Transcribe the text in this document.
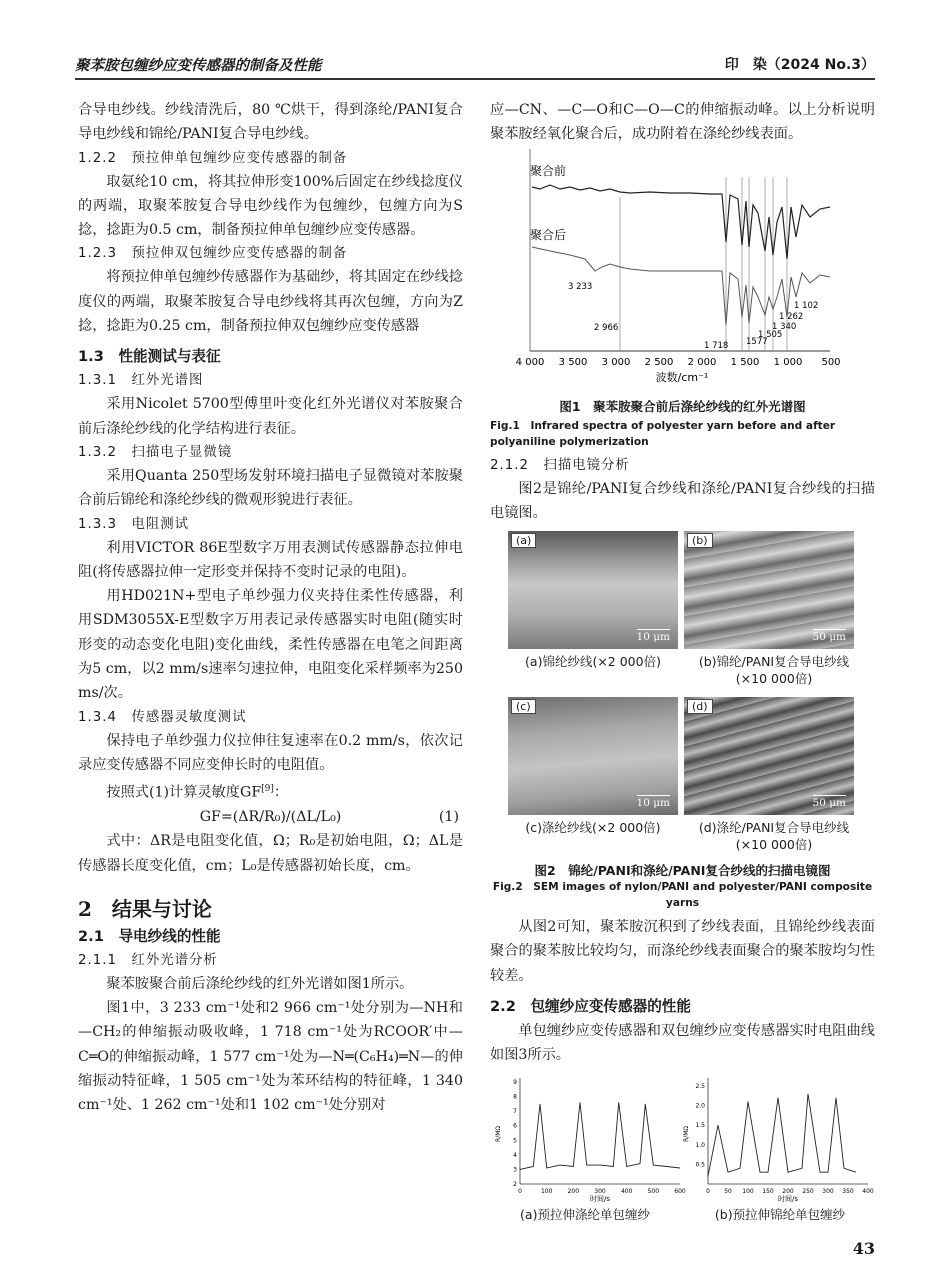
聚苯胺包缠纱应变传感器的制备及性能	印　染（2024 No.3）

合导电纱线。纱线清洗后，80 ℃烘干，得到涤纶/PANI复合导电纱线和锦纶/PANI复合导电纱线。

1.2.2　预拉伸单包缠纱应变传感器的制备

取氨纶10 cm，将其拉伸形变100%后固定在纱线捻度仪的两端，取聚苯胺复合导电纱线作为包缠纱，包缠方向为S捻，捻距为0.5 cm，制备预拉伸单包缠纱应变传感器。

1.2.3　预拉伸双包缠纱应变传感器的制备

将预拉伸单包缠纱传感器作为基础纱，将其固定在纱线捻度仪的两端，取聚苯胺复合导电纱线将其再次包缠，方向为Z捻，捻距为0.25 cm，制备预拉伸双包缠纱应变传感器

1.3　性能测试与表征
1.3.1　红外光谱图

采用Nicolet 5700型傅里叶变化红外光谱仪对苯胺聚合前后涤纶纱线的化学结构进行表征。

1.3.2　扫描电子显微镜

采用Quanta 250型场发射环境扫描电子显微镜对苯胺聚合前后锦纶和涤纶纱线的微观形貌进行表征。

1.3.3　电阻测试

利用VICTOR 86E型数字万用表测试传感器静态拉伸电阻(将传感器拉伸一定形变并保持不变时记录的电阻)。

用HD021N+型电子单纱强力仪夹持住柔性传感器，利用SDM3055X-E型数字万用表记录传感器实时电阻(随实时形变的动态变化电阻)变化曲线，柔性传感器在电笔之间距离为5 cm，以2 mm/s速率匀速拉伸，电阻变化采样频率为250 ms/次。

1.3.4　传感器灵敏度测试

保持电子单纱强力仪拉伸往复速率在0.2 mm/s，依次记录应变传感器不同应变伸长时的电阻值。

按照式(1)计算灵敏度GF[9]：

GF=(ΔR/R₀)/(ΔL/L₀)	(1)

式中：ΔR是电阻变化值，Ω；R₀是初始电阻，Ω；ΔL是传感器长度变化值，cm；L₀是传感器初始长度，cm。

2　结果与讨论
2.1　导电纱线的性能
2.1.1　红外光谱分析

聚苯胺聚合前后涤纶纱线的红外光谱如图1所示。

图1中，3 233 cm⁻¹处和2 966 cm⁻¹处分别为—NH和—CH₂的伸缩振动吸收峰，1 718 cm⁻¹处为RCOOR′中—C═O的伸缩振动峰，1 577 cm⁻¹处为—N═(C₆H₄)═N—的伸缩振动特征峰，1 505 cm⁻¹处为苯环结构的特征峰，1 340 cm⁻¹处、1 262 cm⁻¹处和1 102 cm⁻¹处分别对

应—CN、—C—O和C—O—C的伸缩振动峰。以上分析说明聚苯胺经氧化聚合后，成功附着在涤纶纱线表面。

聚合前
聚合后
3 233
2 966
1 718 1577
1 505
1 340
1 262
1 102
4 000 3 500 3 000 2 500 2 000 1 500 1 000 500
波数/cm⁻¹
图1　聚苯胺聚合前后涤纶纱线的红外光谱图
Fig.1　Infrared spectra of polyester yarn before and after polyaniline polymerization
2.1.2　扫描电镜分析

图2是锦纶/PANI复合纱线和涤纶/PANI复合纱线的扫描电镜图。

(a)
10 μm
(b)
50 μm
(a)锦纶纱线(×2 000倍)	(b)锦纶/PANI复合导电纱线(×10 000倍)
(c)
10 μm
(d)
50 μm
(c)涤纶纱线(×2 000倍)	(d)涤纶/PANI复合导电纱线(×10 000倍)
图2　锦纶/PANI和涤纶/PANI复合纱线的扫描电镜图
Fig.2　SEM images of nylon/PANI and polyester/PANI composite yarns

从图2可知，聚苯胺沉积到了纱线表面，且锦纶纱线表面聚合的聚苯胺比较均匀，而涤纶纱线表面聚合的聚苯胺均匀性较差。

2.2　包缠纱应变传感器的性能

单包缠纱应变传感器和双包缠纱应变传感器实时电阻曲线如图3所示。

9
8
7
6
5
4
3
2
0	100	200	300	400	500	600
R/MΩ
时间/s
2.5
2.0
1.5
1.0
0.5
0 50 100 150 200 250 300 350 400
R/MΩ
时间/s
(a)预拉伸涤纶单包缠纱	(b)预拉伸锦纶单包缠纱
43
